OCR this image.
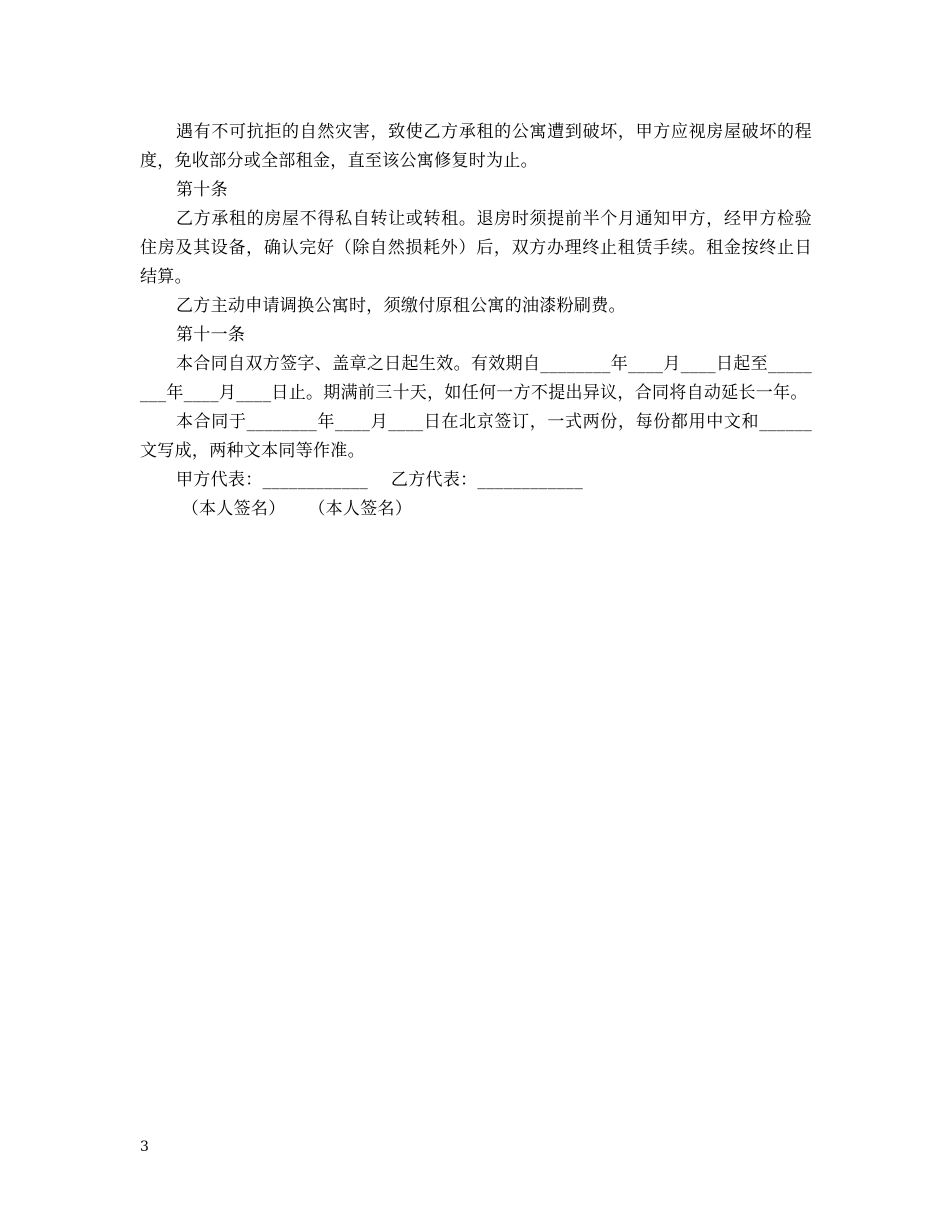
遇有不可抗拒的自然灾害，致使乙方承租的公寓遭到破坏，甲方应视房屋破坏的程度，免收部分或全部租金，直至该公寓修复时为止。

第十条

乙方承租的房屋不得私自转让或转租。退房时须提前半个月通知甲方，经甲方检验住房及其设备，确认完好（除自然损耗外）后，双方办理终止租赁手续。租金按终止日结算。

乙方主动申请调换公寓时，须缴付原租公寓的油漆粉刷费。

第十一条

本合同自双方签字、盖章之日起生效。有效期自________年____月____日起至________年____月____日止。期满前三十天，如任何一方不提出异议，合同将自动延长一年。

本合同于________年____月____日在北京签订，一式两份，每份都用中文和______文写成，两种文本同等作准。

甲方代表：____________    乙方代表：____________

（本人签名）    （本人签名）

3
